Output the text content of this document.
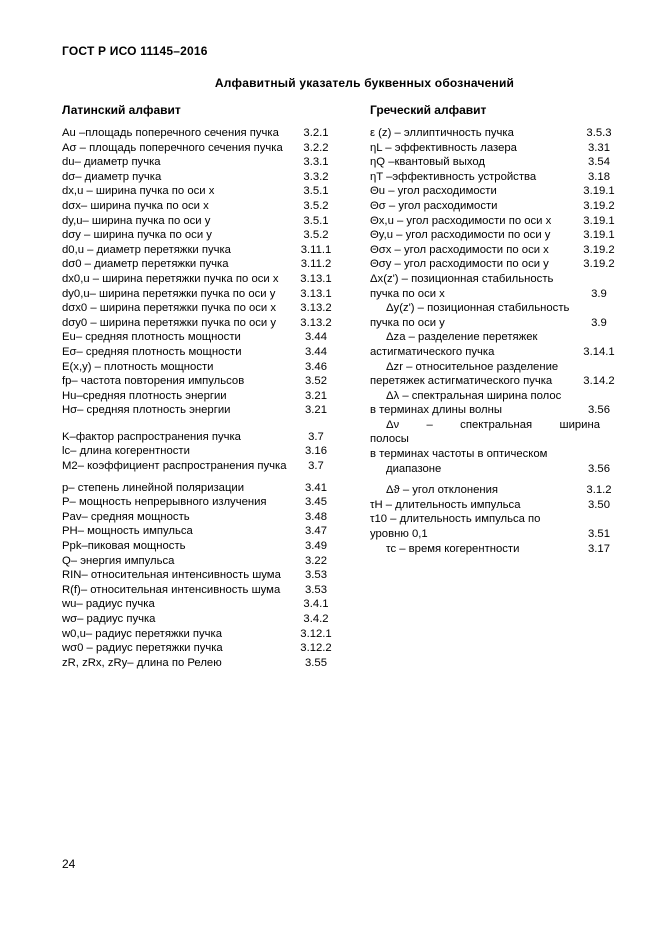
ГОСТ Р ИСО 11145–2016
Алфавитный указатель буквенных обозначений
Латинский алфавит	Греческий алфавит
Au –площадь поперечного сечения пучка	3.2.1
Aσ – площадь поперечного сечения пучка	3.2.2
du– диаметр пучка	3.3.1
dσ– диаметр пучка	3.3.2
dx,u – ширина пучка по оси x	3.5.1
dσx– ширина пучка по оси x	3.5.2
dy,u– ширина пучка по оси y	3.5.1
dσy – ширина пучка по оси y	3.5.2
d0,u – диаметр перетяжки пучка	3.11.1
dσ0 – диаметр перетяжки пучка	3.11.2
dx0,u – ширина перетяжки пучка по оси x	3.13.1
dy0,u– ширина перетяжки пучка по оси y	3.13.1
dσx0 – ширина перетяжки пучка по оси x	3.13.2
dσy0 – ширина перетяжки пучка по оси y	3.13.2
Eu– средняя плотность мощности	3.44
Eσ– средняя плотность мощности	3.44
E(x,y) – плотность мощности	3.46
fp– частота повторения импульсов	3.52
Hu–средняя плотность энергии	3.21
Hσ– средняя плотность энергии	3.21
K–фактор распространения пучка	3.7
lc– длина когерентности	3.16
M2– коэффициент распространения пучка	3.7
p– степень линейной поляризации	3.41
P– мощность непрерывного излучения	3.45
Pav– средняя мощность	3.48
PH– мощность импульса	3.47
Ppk–пиковая мощность	3.49
Q– энергия импульса	3.22
RIN– относительная интенсивность шума	3.53
R(f)– относительная интенсивность шума	3.53
wu– радиус пучка	3.4.1
wσ– радиус пучка	3.4.2
w0,u– радиус перетяжки пучка	3.12.1
wσ0 – радиус перетяжки пучка	3.12.2
zR, zRx, zRy– длина по Релею	3.55
ε (z) – эллиптичность пучка	3.5.3
ηL – эффективность лазера	3.31
ηQ –квантовый выход	3.54
ηT –эффективность устройства	3.18
Θu – угол расходимости	3.19.1
Θσ – угол расходимости	3.19.2
Θx,u – угол расходимости по оси x	3.19.1
Θy,u – угол расходимости по оси y	3.19.1
Θσx – угол расходимости по оси x	3.19.2
Θσy – угол расходимости по оси y	3.19.2
Δx(z') – позиционная стабильность
пучка по оси x	3.9
Δy(z') – позиционная стабильность
пучка по оси y	3.9
Δza – разделение перетяжек
астигматического пучка	3.14.1
Δzr – относительное разделение
перетяжек астигматического пучка	3.14.2
Δλ – спектральная ширина полос
в терминах длины волны	3.56
Δν – спектральная ширина
полосы
в терминах частоты в оптическом
диапазоне	3.56
Δϑ – угол отклонения	3.1.2
τH – длительность импульса	3.50
τ10 – длительность импульса по
уровню 0,1	3.51
τc – время когерентности	3.17
24
